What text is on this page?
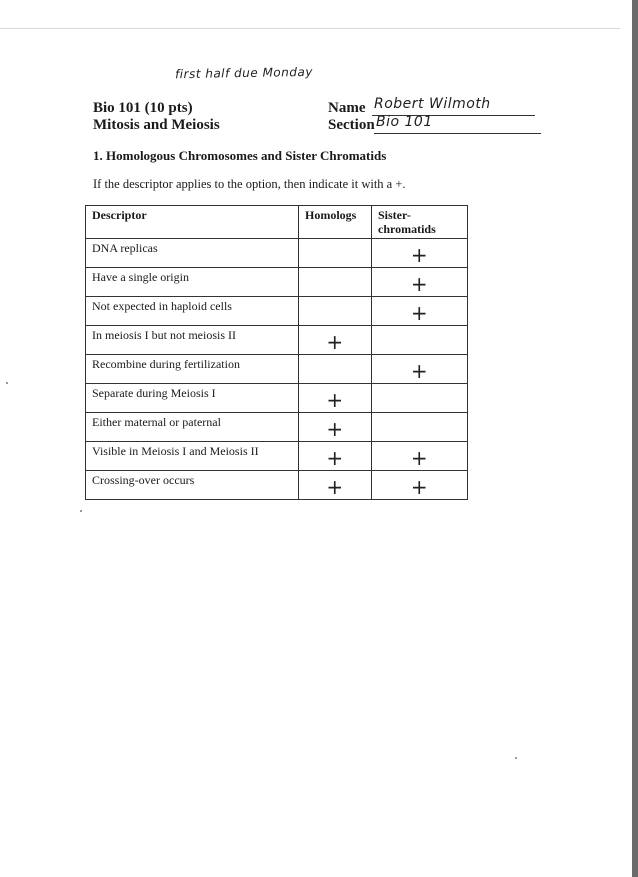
first half due Monday
Bio 101 (10 pts)
Mitosis and Meiosis
Name Robert Wilmoth
Section Bio 101
1. Homologous Chromosomes and Sister Chromatids
If the descriptor applies to the option, then indicate it with a +.
Descriptor	Homologs	Sister-chromatids
DNA replicas		+

Have a single origin		+

Not expected in haploid cells		+

In meiosis I but not meiosis II	+	

Recombine during fertilization		+

Separate during Meiosis I	+	

Either maternal or paternal	+	

Visible in Meiosis I and Meiosis II	+	+

Crossing-over occurs	+	+
